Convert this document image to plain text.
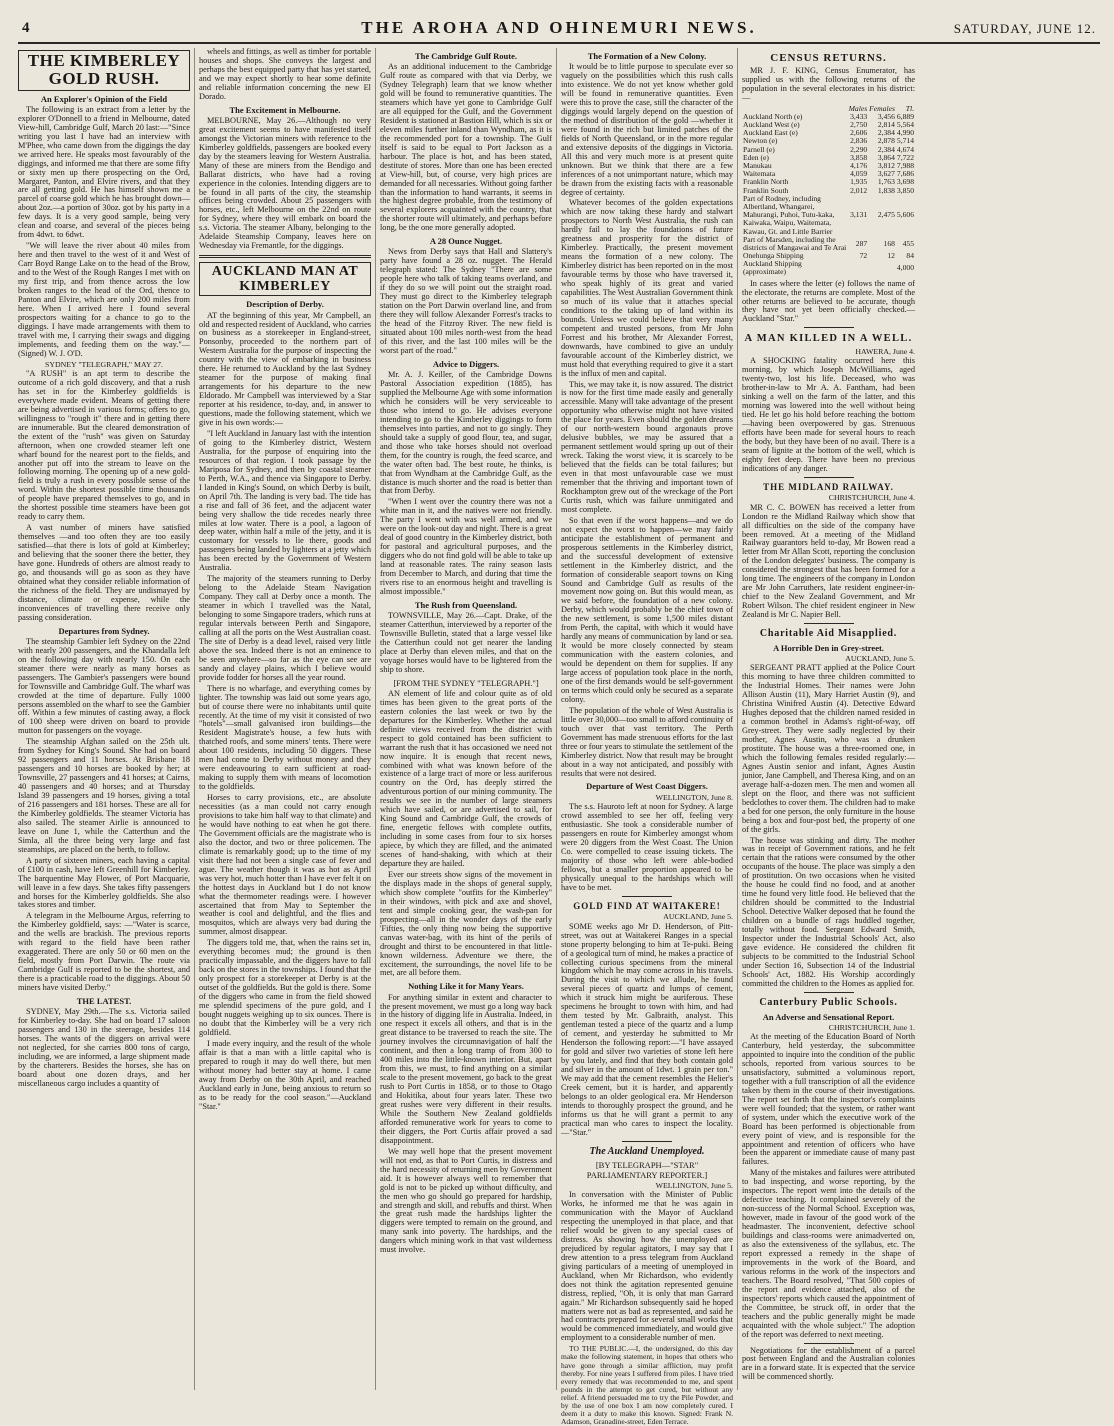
4	THE AROHA AND OHINEMURI NEWS.	SATURDAY, JUNE 12.
THE KIMBERLEY GOLD RUSH.
An Explorer's Opinion of the Field

The following is an extract from a letter by the explorer O'Donnell to a friend in Melbourne, dated View-hill, Cambridge Gulf, March 20 last:—"Since writing you last I have had an interview with M'Phee, who came down from the diggings the day we arrived here. He speaks most favourably of the diggings, and informed me that there are some fifty or sixty men up there prospecting on the Ord, Margaret, Panton, and Elvire rivers, and that they are all getting gold. He has himself shown me a parcel of coarse gold which he has brought down—about 2oz.—a portion of 30oz. got by his party in a few days. It is a very good sample, being very clean and coarse, and several of the pieces being from 4dwt. to 6dwt.

"We will leave the river about 40 miles from here and then travel to the west of it and West of Carr Boyd Range Lake on to the head of the Brow, and to the West of the Rough Ranges I met with on my first trip, and from thence across the low broken ranges to the head of the Ord, thence to Panton and Elvire, which are only 200 miles from here. When I arrived here I found several prospectors waiting for a chance to go to the diggings. I have made arrangements with them to travel with me, I carrying their swags and digging implements, and feeding them on the way."—(Signed) W. J. O'D.

SYDNEY "TELEGRAPH," MAY 27.

"A RUSH" is an apt term to describe the outcome of a rich gold discovery, and that a rush has set in for the Kimberley goldfields is everywhere made evident. Means of getting there are being advertised in various forms; offers to go, willingness to "rough it" there and in getting there are innumerable. But the cleared demonstration of the extent of the "rush" was given on Saturday afternoon, when one crowded steamer left one wharf bound for the nearest port to the fields, and another put off into the stream to leave on the following morning. The opening up of a new gold-field is truly a rush in every possible sense of the word. Within the shortest possible time thousands of people have prepared themselves to go, and in the shortest possible time steamers have been got ready to carry them.

A vast number of miners have satisfied themselves —and too often they are too easily satisfied—that there is lots of gold at Kimberley; and believing that the sooner there the better, they have gone. Hundreds of others are almost ready to go, and thousands will go as soon as they have obtained what they consider reliable information of the richness of the field. They are undismayed by distance, climate or expense, while the inconveniences of travelling there receive only passing consideration.

Departures from Sydney.

The steamship Gambier left Sydney on the 22nd with nearly 200 passengers, and the Khandalla left on the following day with nearly 150. On each steamer there were nearly as many horses as passengers. The Gambier's passengers were bound for Townsville and Cambridge Gulf. The wharf was crowded at the time of departure. Fully 1000 persons assembled on the wharf to see the Gambier off. Within a few minutes of casting away, a flock of 100 sheep were driven on board to provide mutton for passengers on the voyage.

The steamship Afghan sailed on the 25th ult. from Sydney for King's Sound. She had on board 92 passengers and 11 horses. At Brisbane 18 passengers and 10 horses are booked by her; at Townsville, 27 passengers and 41 horses; at Cairns, 40 passengers and 40 horses; and at Thursday Island 39 passengers and 19 horses, giving a total of 216 passengers and 181 horses. These are all for the Kimberley goldfields. The steamer Victoria has also sailed. The steamer Airlie is announced to leave on June 1, while the Catterthun and the Simla, all the three being very large and fast steamships, are placed on the berth, to follow.

A party of sixteen miners, each having a capital of £100 in cash, have left Greenhill for Kimberley. The barquentine May Flower, of Port Macquarie, will leave in a few days. She takes fifty passengers and horses for the Kimberley goldfields. She also takes stores and timber.

A telegram in the Melbourne Argus, referring to the Kimberley goldfield, says: —"Water is scarce, and the wells are brackish. The previous reports with regard to the field have been rather exaggerated. There are only 50 or 60 men on the field, mostly from Port Darwin. The route via Cambridge Gulf is reported to be the shortest, and there is a practicable road to the diggings. About 50 miners have visited Derby."

THE LATEST.

SYDNEY, May 29th.—The s.s. Victoria sailed for Kimberley to-day. She had on board 17 saloon passengers and 130 in the steerage, besides 114 horses. The wants of the diggers on arrival were not neglected, for she carries 800 tons of cargo, including, we are informed, a large shipment made by the charterers. Besides the horses, she has on board about one dozen drays, and her miscellaneous cargo includes a quantity of

wheels and fittings, as well as timber for portable houses and shops. She conveys the largest and perhaps the best equipped party that has yet started, and we may expect shortly to hear some definite and reliable information concerning the new El Dorado.

The Excitement in Melbourne.

MELBOURNE, May 26.—Although no very great excitement seems to have manifested itself amongst the Victorian miners with reference to the Kimberley goldfields, passengers are booked every day by the steamers leaving for Western Australia. Many of these are miners from the Bendigo and Ballarat districts, who have had a roving experience in the colonies. Intending diggers are to be found in all parts of the city, the steamship offices being crowded. About 25 passengers with horses, etc., left Melbourne on the 22nd on route for Sydney, where they will embark on board the s.s. Victoria. The steamer Albany, belonging to the Adelaide Steamship Company, leaves here on Wednesday via Fremantle, for the diggings.

AUCKLAND MAN AT KIMBERLEY
Description of Derby.

AT the beginning of this year, Mr Campbell, an old and respected resident of Auckland, who carries on business as a storekeeper in England-street, Ponsonby, proceeded to the northern part of Western Australia for the purpose of inspecting the country with the view of embarking in business there. He returned to Auckland by the last Sydney steamer for the purpose of making final arrangements for his departure to the new Eldorado. Mr Campbell was interviewed by a Star reporter at his residence, to-day, and, in answer to questions, made the following statement, which we give in his own words:—

"I left Auckland in January last with the intention of going to the Kimberley district, Western Australia, for the purpose of enquiring into the resources of that region. I took passage by the Mariposa for Sydney, and then by coastal steamer to Perth, W.A., and thence via Singapore to Derby. I landed in King's Sound, on which Derby is built, on April 7th. The landing is very bad. The tide has a rise and fall of 36 feet, and the adjacent water being very shallow the tide recedes nearly three miles at low water. There is a pool, a lagoon of deep water, within half a mile of the jetty, and it is customary for vessels to lie there, goods and passengers being landed by lighters at a jetty which has been erected by the Government of Western Australia.

The majority of the steamers running to Derby belong to the Adelaide Steam Navigation Company. They call at Derby once a month. The steamer in which I travelled was the Natal, belonging to some Singapore traders, which runs at regular intervals between Perth and Singapore, calling at all the ports on the West Australian coast. The site of Derby is a dead level, raised very little above the sea. Indeed there is not an eminence to be seen anywhere—so far as the eye can see are sandy and clayey plains, which I believe would provide fodder for horses all the year round.

There is no wharfage, and everything comes by lighter. The township was laid out some years ago, but of course there were no inhabitants until quite recently. At the time of my visit it consisted of two "hotels"—small galvanised iron buildings—the Resident Magistrate's house, a few huts with thatched roofs, and some miners' tents. There were about 100 residents, including 50 diggers. These men had come to Derby without money and they were endeavouring to earn sufficient at road-making to supply them with means of locomotion to the goldfields.

Horses to carry provisions, etc., are absolute necessities (as a man could not carry enough provisions to take him half way to that climate) and he would have nothing to eat when he got there. The Government officials are the magistrate who is also the doctor, and two or three policemen. The climate is remarkably good; up to the time of my visit there had not been a single case of fever and ague. The weather though it was as hot as April was very hot, much hotter than I have ever felt it on the hottest days in Auckland but I do not know what the thermometer readings were. I however ascertained that from May to September the weather is cool and delightful, and the flies and mosquitos, which are always very bad during the summer, almost disappear.

The diggers told me, that, when the rains set in, everything becomes mud; the ground is then practically impassable, and the diggers have to fall back on the stores in the townships. I found that the only prospect for a storekeeper at Derby is at the outset of the goldfields. But the gold is there. Some of the diggers who came in from the field showed me splendid specimens of the pure gold, and I bought nuggets weighing up to six ounces. There is no doubt that the Kimberley will be a very rich goldfield.

I made every inquiry, and the result of the whole affair is that a man with a little capital who is prepared to rough it may do well there, but men without money had better stay at home. I came away from Derby on the 30th April, and reached Auckland early in June, being anxious to return so as to be ready for the cool season."—Auckland "Star."

The Cambridge Gulf Route.

As an additional inducement to the Cambridge Gulf route as compared with that via Derby, we (Sydney Telegraph) learn that we know whether gold will be found to remunerative quantities. The steamers which have yet gone to Cambridge Gulf are all equipped for the Gulf, and the Government Resident is stationed at Bastion Hill, which is six or eleven miles further inland than Wyndham, as it is the recommended port for a township. The Gulf itself is said to be equal to Port Jackson as a harbour. The place is hot, and has been stated, destitute of stores. More than one has been erected at View-hill, but, of course, very high prices are demanded for all necessaries. Without going farther than the information to hand warrants, it seems in the highest degree probable, from the testimony of several explorers acquainted with the country, that the shorter route will ultimately, and perhaps before long, be the one more generally adopted.

A 28 Ounce Nugget.

News from Derby says that Hall and Slattery's party have found a 28 oz. nugget. The Herald telegraph stated: The Sydney "There are some people here who talk of taking teams overland, and if they do so we will point out the straight road. They must go direct to the Kimberley telegraph station on the Port Darwin overland line, and from there they will follow Alexander Forrest's tracks to the head of the Fitzroy River. The new field is situated about 100 miles north-west from the head of this river, and the last 100 miles will be the worst part of the road."

Advice to Diggers.

Mr. A. J. Keiller, of the Cambridge Downs Pastoral Association expedition (1885), has supplied the Melbourne Age with some information which he considers will be very serviceable to those who intend to go. He advises everyone intending to go to the Kimberley diggings to form themselves into parties, and not to go singly. They should take a supply of good flour, tea, and sugar, and those who take horses should not overload them, for the country is rough, the feed scarce, and the water often bad. The best route, he thinks, is that from Wyndham at the Cambridge Gulf, as the distance is much shorter and the road is better than that from Derby.

"When I went over the country there was not a white man in it, and the natives were not friendly. The party I went with was well armed, and we were on the look-out day and night. There is a great deal of good country in the Kimberley district, both for pastoral and agricultural purposes, and the diggers who do not find gold will be able to take up land at reasonable rates. The rainy season lasts from December to March, and during that time the rivers rise to an enormous height and travelling is almost impossible."

The Rush from Queensland.

TOWNSVILLE, May 26.—Capt. Drake, of the steamer Catterthun, interviewed by a reporter of the Townsville Bulletin, stated that a large vessel like the Catterthun could not get nearer the landing place at Derby than eleven miles, and that on the voyage horses would have to be lightered from the ship to shore.

[FROM THE SYDNEY "TELEGRAPH."]

AN element of life and colour quite as of old times has been given to the great ports of the eastern colonies the last week or two by the departures for the Kimberley. Whether the actual definite views received from the district with respect to gold contained has been sufficient to warrant the rush that it has occasioned we need not now inquire. It is enough that recent news, combined with what was known before of the existence of a large tract of more or less auriferous country on the Ord, has deeply stirred the adventurous portion of our mining community. The results we see in the number of large steamers which have sailed, or are advertised to sail, for King Sound and Cambridge Gulf, the crowds of fine, energetic fellows with complete outfits, including in some cases from four to six horses apiece, by which they are filled, and the animated scenes of hand-shaking, with which at their departure they are hailed.

Ever our streets show signs of the movement in the displays made in the shops of general supply, which show complete "outfits for the Kimberley" in their windows, with pick and axe and shovel, tent and simple cooking gear, the wash-pan for prospecting—all in the wonder days of the early 'Fifties, the only thing now being the supportive canvas water-bag, with its hint of the perils of drought and thirst to be encountered in that little-known wilderness. Adventure we there, the excitement, the surroundings, the novel life to be met, are all before them.

Nothing Like it for Many Years.

For anything similar in extent and character to the present movement, we must go a long way back in the history of digging life in Australia. Indeed, in one respect it excels all others, and that is in the great distance to be traversed to reach the site. The journey involves the circumnavigation of half the continent, and then a long tramp of from 300 to 400 miles into the little-known interior. But, apart from this, we must, to find anything on a similar scale to the present movement, go back to the great rush to Port Curtis in 1858, or to those to Otago and Hokitika, about four years later. These two great rushes were very different in their results. While the Southern New Zealand goldfields afforded remunerative work for years to come to their diggers, the Port Curtis affair proved a sad disappointment.

We may well hope that the present movement will not end, as that to Port Curtis, in distress and the hard necessity of returning men by Government aid. It is however always well to remember that gold is not to be picked up without difficulty, and the men who go should go prepared for hardship, and strength and skill, and rebuffs and thirst. When the great rush made the hardships lighter the diggers were tempted to remain on the ground, and many sank into poverty. The hardships, and the dangers which mining work in that vast wilderness must involve.

The Formation of a New Colony.

It would be to little purpose to speculate ever so vaguely on the possibilities which this rush calls into existence. We do not yet know whether gold will be found in remunerative quantities. Even were this to prove the case, still the character of the diggings would largely depend on the question of the method of distribution of the gold —whether it were found in the rich but limited patches of the fields of North Queensland, or in the more regular and extensive deposits of the diggings in Victoria. All this and very much more is at present quite unknown. But we think that there are a few inferences of a not unimportant nature, which may be drawn from the existing facts with a reasonable degree of certainty.

Whatever becomes of the golden expectations which are now taking these hardy and stalwart prospectors to North West Australia, the rush can hardly fail to lay the foundations of future greatness and prosperity for the district of Kimberley. Practically, the present movement means the formation of a new colony. The Kimberley district has been reported on in the most favourable terms by those who have traversed it, who speak highly of its great and varied capabilities. The West Australian Government think so much of its value that it attaches special conditions to the taking up of land within its bounds. Unless we could believe that very many competent and trusted persons, from Mr John Forrest and his brother, Mr Alexander Forrest, downwards, have combined to give an unduly favourable account of the Kimberley district, we must hold that everything required to give it a start is the influx of men and capital.

This, we may take it, is now assured. The district is now for the first time made easily and generally accessible. Many will take advantage of the present opportunity who otherwise might not have visited the place for years. Even should the golden dreams of our north-western bound argonauts prove delusive bubbles, we may be assured that a permanent settlement would spring up out of their wreck. Taking the worst view, it is scarcely to be believed that the fields can be total failures; but even in that most unfavourable case we must remember that the thriving and important town of Rockhampton grew out of the wreckage of the Port Curtis rush, which was failure unmitigated and most complete.

So that even if the worst happens—and we do not expect the worst to happen—we may fairly anticipate the establishment of permanent and prosperous settlements in the Kimberley district, and the successful development of extensive settlement in the Kimberley district, and the formation of considerable seaport towns on King Sound and Cambridge Gulf as results of the movement now going on. But this would mean, as we said before, the foundation of a new colony. Derby, which would probably be the chief town of the new settlement, is some 1,500 miles distant from Perth, the capital, with which it would have hardly any means of communication by land or sea. It would be more closely connected by steam communication with the eastern colonies, and would be dependent on them for supplies. If any large access of population took place in the north, one of the first demands would be self-government on terms which could only be secured as a separate colony.

The population of the whole of West Australia is little over 30,000—too small to afford continuity of touch over that vast territory. The Perth Government has made strenuous efforts for the last three or four years to stimulate the settlement of the Kimberley district. Now that result may be brought about in a way not anticipated, and possibly with results that were not desired.

Departure of West Coast Diggers.
WELLINGTON, June 8.

The s.s. Hauroto left at noon for Sydney. A large crowd assembled to see her off, feeling very enthusiastic. She took a considerable number of passengers en route for Kimberley amongst whom were 20 diggers from the West Coast. The Union Co. were compelled to cease issuing tickets. The majority of those who left were able-bodied fellows, but a smaller proportion appeared to be physically unequal to the hardships which will have to be met.

GOLD FIND AT WAITAKERE!
AUCKLAND, June 5.

SOME weeks ago Mr D. Henderson, of Pitt-street, was out at Waitakerei Ranges in a special stone property belonging to him at Te-puki. Being of a geological turn of mind, he makes a practice of collecting curious specimens from the mineral kingdom which he may come across in his travels. During the visit to which we allude, he found several pieces of quartz and lumps of cement, which it struck him might be auriferous. These specimens he brought to town with him, and had them tested by Mr. Galbraith, analyst. This gentleman tested a piece of the quartz and a lump of cement, and yesterday he submitted to Mr Henderson the following report:—"I have assayed for gold and silver two varieties of stone left here by you lately, and find that they both contain gold and silver in the amount of 1dwt. 1 grain per ton." We may add that the cement resembles the Helier's Creek cement, but it is harder, and apparently belongs to an older geological era. Mr Henderson intends to thoroughly prospect the ground, and he informs us that he will grant a permit to any practical man who cares to inspect the locality.—"Star."

The Auckland Unemployed.
[BY TELEGRAPH—"STAR" PARLIAMENTARY REPORTER.]
WELLINGTON, June 5.

In conversation with the Minister of Public Works, he informed me that he was again in communication with the Mayor of Auckland respecting the unemployed in that place, and that relief would be given to any special cases of distress. As showing how the unemployed are prejudiced by regular agitators, I may say that I drew attention to a press telegram from Auckland giving particulars of a meeting of unemployed in Auckland, when Mr Richardson, who evidently does not think the agitation represented genuine distress, replied, "Oh, it is only that man Garrard again." Mr Richardson subsequently said he hoped matters were not as bad as represented, and said he had contracts prepared for several small works that would be commenced immediately, and would give employment to a considerable number of men.

TO THE PUBLIC.—I, the undersigned, do this day make the following statement, in hopes that others who have gone through a similar affliction, may profit thereby. For nine years I suffered from piles. I have tried every remedy that was recommended to me, and spent pounds in the attempt to get cured, but without any relief. A friend persuaded me to try the Pile Powder, and by the use of one box I am now completely cured. I deem it a duty to make this known. Signed: Frank N. Adamson, Granadine-street, Eden Terrace.

CENSUS RETURNS.

MR J. F. KING, Census Enumerator, has supplied us with the following returns of the population in the several electorates in his district:—

	Males	Females	Tl.
Auckland North (e)	3,433	3,456	6,889
Auckland West (e)	2,750	2,814	5,564
Auckland East (e)	2,606	2,384	4,990
Newton (e)	2,836	2,878	5,714
Parnell (e)	2,290	2,384	4,674
Eden (e)	3,858	3,864	7,722
Manukau	4,176	3,812	7,988
Waitemata	4,059	3,627	7,686
Franklin North	1,935	1,763	3,698
Franklin South	2,012	1,838	3,850
Part of Rodney, including Albertland, Whangarei, Mahurangi, Puhoi, Tutu-kaka, Kaiwaka, Waipu, Waitemata, Kawau, Gt. and Little Barrier	3,131	2,475	5,606
Part of Marsden, including the districts of Mangawai and Te Arai	287	168	455
Onehunga Shipping	72	12	84
Auckland Shipping (approximate)			4,000

In cases where the letter (e) follows the name of the electorate, the returns are complete. Most of the other returns are believed to be accurate, though they have not yet been officially checked.—Auckland "Star."

A MAN KILLED IN A WELL.
HAWERA, June 4.

A SHOCKING fatality occurred here this morning, by which Joseph McWilliams, aged twenty-two, lost his life. Deceased, who was brother-in-law to Mr A. A. Fantham, had been sinking a well on the farm of the latter, and this morning was lowered into the well without being tied. He let go his hold before reaching the bottom—having been overpowered by gas. Strenuous efforts have been made for several hours to reach the body, but they have been of no avail. There is a seam of lignite at the bottom of the well, which is eighty feet deep. There have been no previous indications of any danger.

THE MIDLAND RAILWAY.
CHRISTCHURCH, June 4.

MR C. C. BOWEN has received a letter from London re the Midland Railway which show that all difficulties on the side of the company have been removed. At a meeting of the Midland Railway guarantors held to-day, Mr Bowen read a letter from Mr Allan Scott, reporting the conclusion of the London delegates' business. The company is considered the strongest that has been formed for a long time. The engineers of the company in London are Mr John Carruthers, late resident engineer-in-chief to the New Zealand Government, and Mr Robert Wilson. The chief resident engineer in New Zealand is Mr C. Napier Bell.

Charitable Aid Misapplied.
A Horrible Den in Grey-street.
AUCKLAND, June 5.

SERGEANT PRATT applied at the Police Court this morning to have three children committed to the Industrial Homes. Their names were John Allison Austin (11), Mary Harriet Austin (9), and Christina Winifred Austin (4). Detective Edward Hughes deposed that the children named resided in a common brothel in Adams's right-of-way, off Grey-street. They were sadly neglected by their mother, Agnes Austin, who was a drunken prostitute. The house was a three-roomed one, in which the following females resided regularly:—Agnes Austin senior and infant, Agnes Austin junior, Jane Campbell, and Theresa King, and on an average half-a-dozen men. The men and women all slept on the floor, and there was not sufficient bedclothes to cover them. The children had to make a bed for one person, the only furniture in the house being a box and four-post bed, the property of one of the girls.

The house was stinking and dirty. The mother was in receipt of Government rations, and he felt certain that the rations were consumed by the other occupants of the house. The place was simply a den of prostitution. On two occasions when he visited the house he could find no food, and at another time he found very little food. He believed that the children should be committed to the Industrial School. Detective Walker deposed that he found the children on a bundle of rags huddled together, totally without food. Sergeant Edward Smith, Inspector under the Industrial Schools' Act, also gave evidence. He considered the children fit subjects to be committed to the Industrial School under Section 16, Subsection 14 of the Industrial Schools' Act, 1882. His Worship accordingly committed the children to the Homes as applied for.

Canterbury Public Schools.
An Adverse and Sensational Report.
CHRISTCHURCH, June 1.

At the meeting of the Education Board of North Canterbury, held yesterday, the subcommittee appointed to inquire into the condition of the public schools, reported from various sources to be unsatisfactory, submitted a voluminous report, together with a full transcription of all the evidence taken by them in the course of their investigations. The report set forth that the inspector's complaints were well founded; that the system, or rather want of system, under which the executive work of the Board has been performed is objectionable from every point of view, and is responsible for the appointment and retention of officers who have been the apparent or immediate cause of many past failures.

Many of the mistakes and failures were attributed to bad inspecting, and worse reporting, by the inspectors. The report went into the details of the defective teaching. It complained severely of the non-success of the Normal School. Exception was, however, made in favour of the good work of the headmaster. The inconvenient, defective school buildings and class-rooms were animadverted on, as also the extensiveness of the syllabus, etc. The report expressed a remedy in the shape of improvements in the work of the Board, and various reforms in the work of the inspectors and teachers. The Board resolved, "That 500 copies of the report and evidence attached, also of the inspectors' reports which caused the appointment of the Committee, be struck off, in order that the teachers and the public generally might be made acquainted with the whole subject." The adoption of the report was deferred to next meeting.

Negotiations for the establishment of a parcel post between England and the Australian colonies are in a forward state. It is expected that the service will be commenced shortly.
